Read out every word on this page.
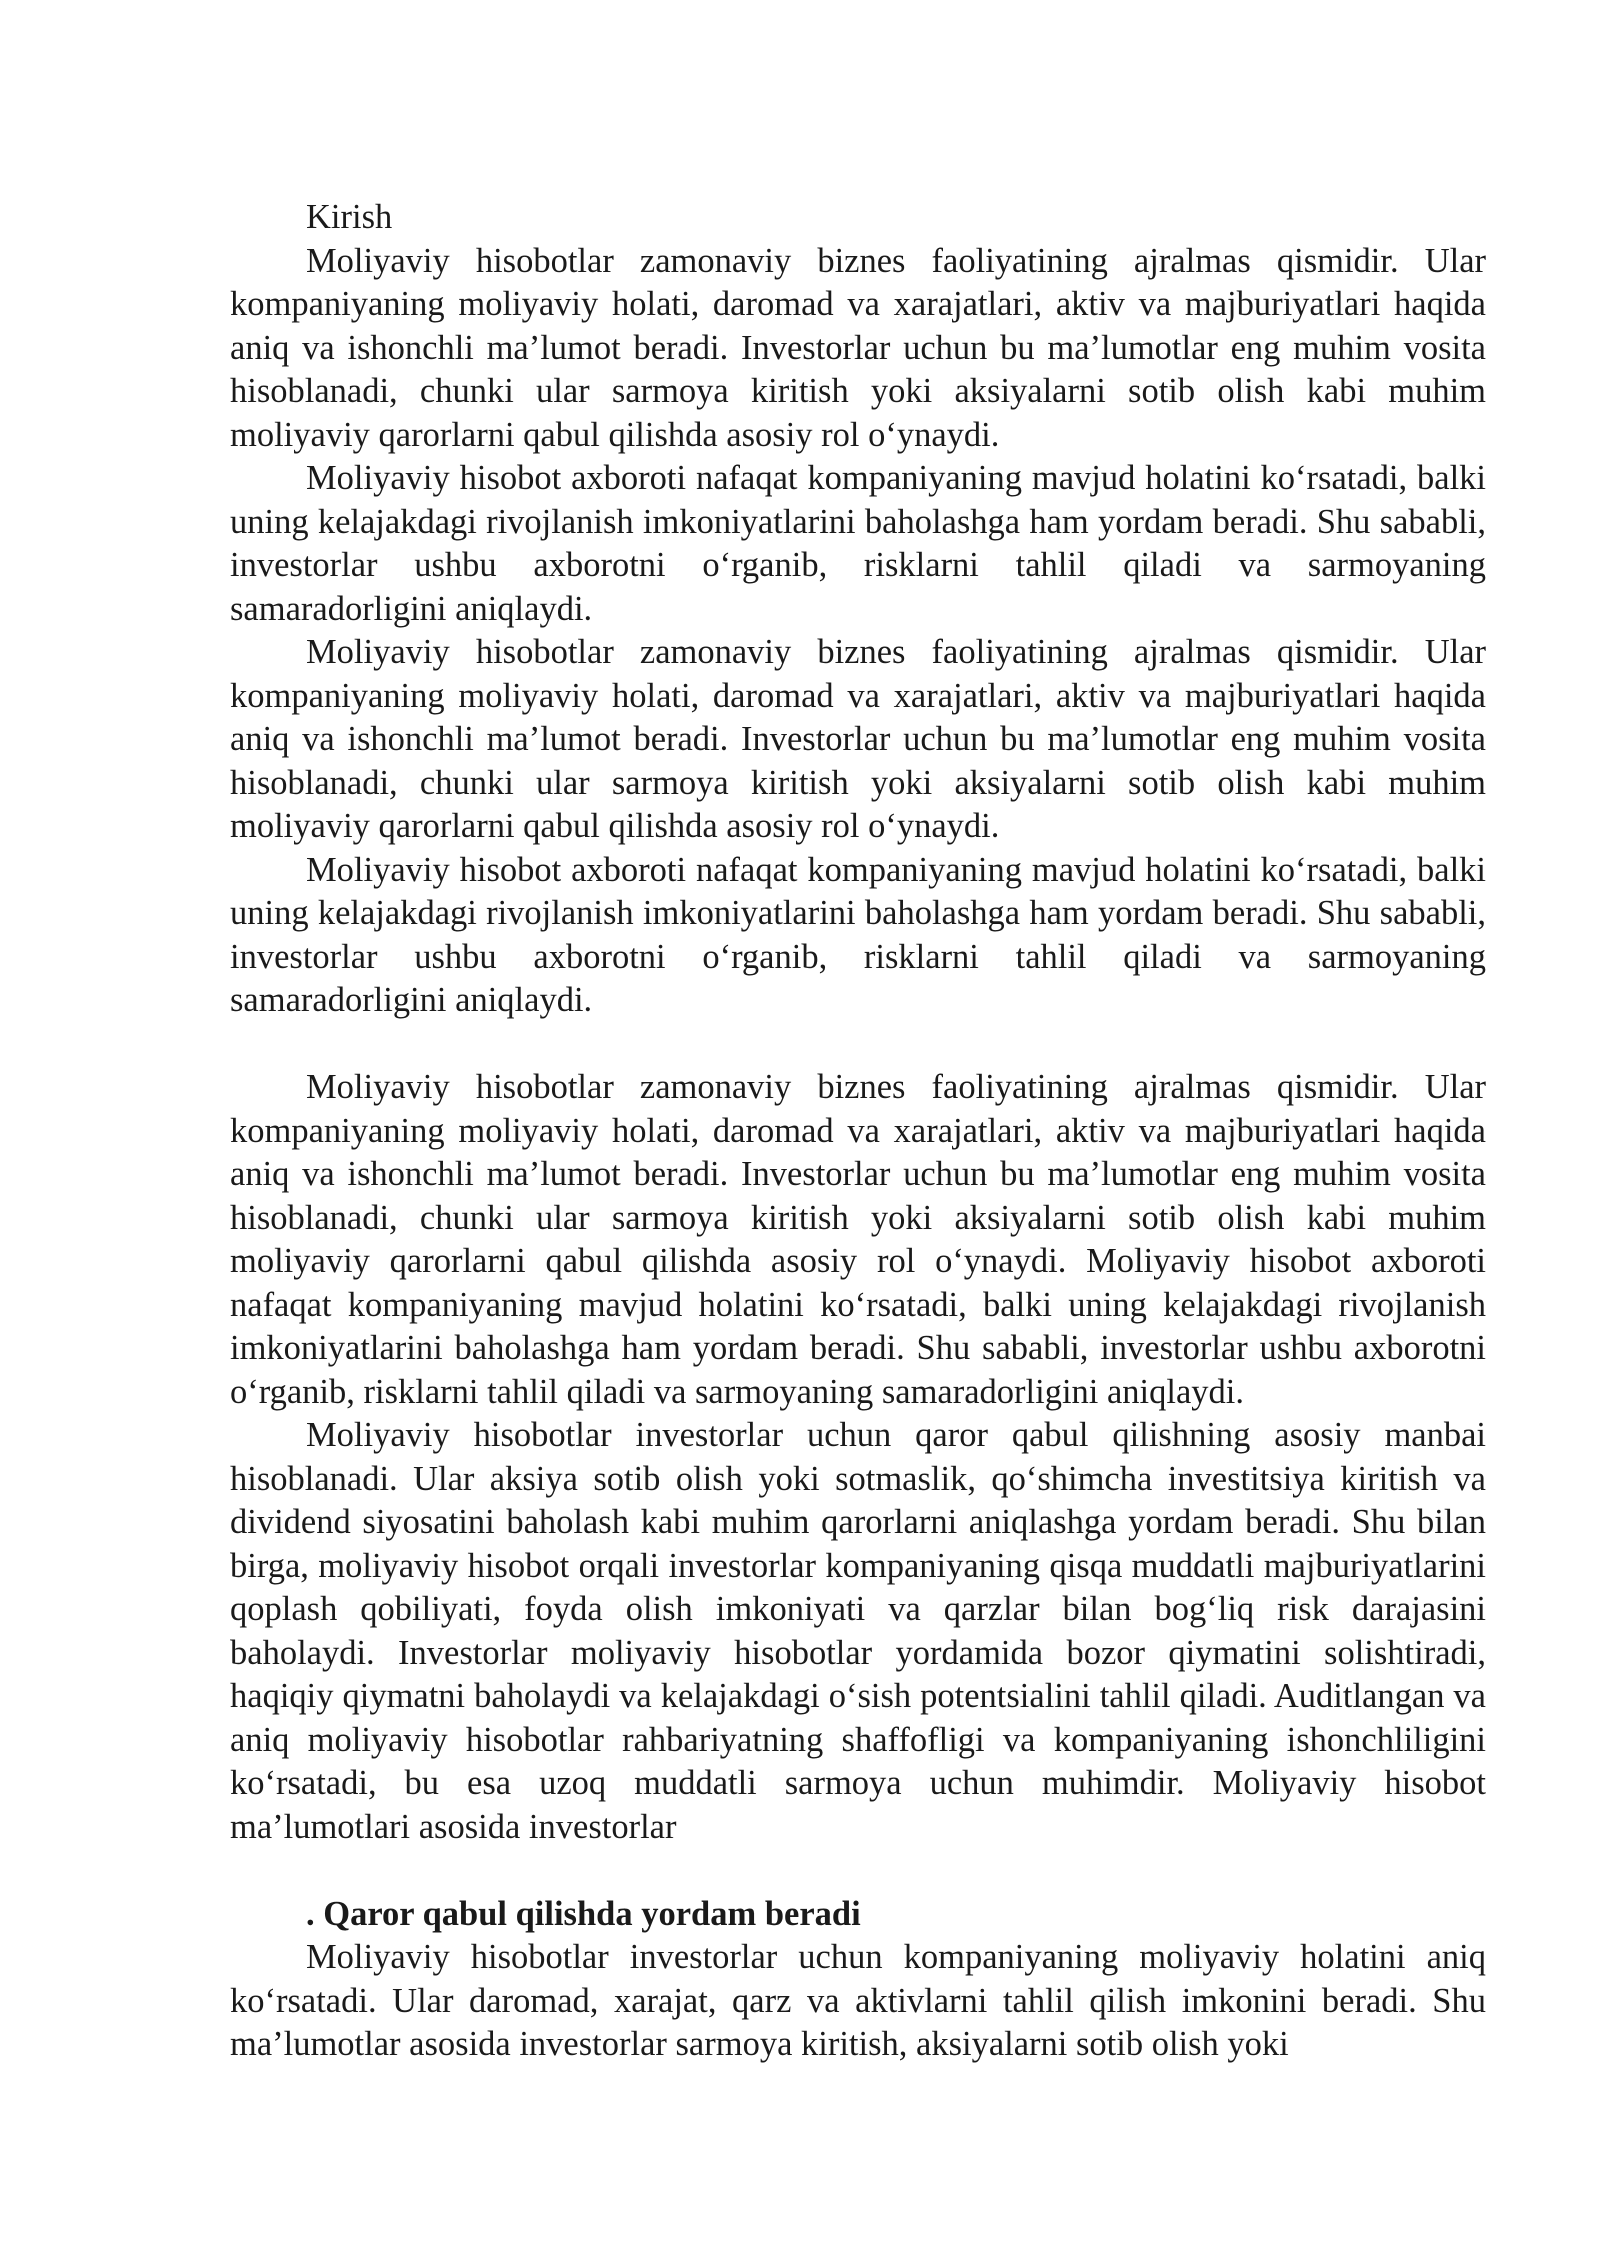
Kirish

Moliyaviy hisobotlar zamonaviy biznes faoliyatining ajralmas qismidir. Ular kompaniyaning moliyaviy holati, daromad va xarajatlari, aktiv va majburiyatlari haqida aniq va ishonchli ma’lumot beradi. Investorlar uchun bu ma’lumotlar eng muhim vosita hisoblanadi, chunki ular sarmoya kiritish yoki aksiyalarni sotib olish kabi muhim moliyaviy qarorlarni qabul qilishda asosiy rol o‘ynaydi.

Moliyaviy hisobot axboroti nafaqat kompaniyaning mavjud holatini ko‘rsatadi, balki uning kelajakdagi rivojlanish imkoniyatlarini baholashga ham yordam beradi. Shu sababli, investorlar ushbu axborotni o‘rganib, risklarni tahlil qiladi va sarmoyaning samaradorligini aniqlaydi.

Moliyaviy hisobotlar zamonaviy biznes faoliyatining ajralmas qismidir. Ular kompaniyaning moliyaviy holati, daromad va xarajatlari, aktiv va majburiyatlari haqida aniq va ishonchli ma’lumot beradi. Investorlar uchun bu ma’lumotlar eng muhim vosita hisoblanadi, chunki ular sarmoya kiritish yoki aksiyalarni sotib olish kabi muhim moliyaviy qarorlarni qabul qilishda asosiy rol o‘ynaydi.

Moliyaviy hisobot axboroti nafaqat kompaniyaning mavjud holatini ko‘rsatadi, balki uning kelajakdagi rivojlanish imkoniyatlarini baholashga ham yordam beradi. Shu sababli, investorlar ushbu axborotni o‘rganib, risklarni tahlil qiladi va sarmoyaning samaradorligini aniqlaydi.

Moliyaviy hisobotlar zamonaviy biznes faoliyatining ajralmas qismidir. Ular kompaniyaning moliyaviy holati, daromad va xarajatlari, aktiv va majburiyatlari haqida aniq va ishonchli ma’lumot beradi. Investorlar uchun bu ma’lumotlar eng muhim vosita hisoblanadi, chunki ular sarmoya kiritish yoki aksiyalarni sotib olish kabi muhim moliyaviy qarorlarni qabul qilishda asosiy rol o‘ynaydi. Moliyaviy hisobot axboroti nafaqat kompaniyaning mavjud holatini ko‘rsatadi, balki uning kelajakdagi rivojlanish imkoniyatlarini baholashga ham yordam beradi. Shu sababli, investorlar ushbu axborotni o‘rganib, risklarni tahlil qiladi va sarmoyaning samaradorligini aniqlaydi.

Moliyaviy hisobotlar investorlar uchun qaror qabul qilishning asosiy manbai hisoblanadi. Ular aksiya sotib olish yoki sotmaslik, qo‘shimcha investitsiya kiritish va dividend siyosatini baholash kabi muhim qarorlarni aniqlashga yordam beradi. Shu bilan birga, moliyaviy hisobot orqali investorlar kompaniyaning qisqa muddatli majburiyatlarini qoplash qobiliyati, foyda olish imkoniyati va qarzlar bilan bog‘liq risk darajasini baholaydi. Investorlar moliyaviy hisobotlar yordamida bozor qiymatini solishtiradi, haqiqiy qiymatni baholaydi va kelajakdagi o‘sish potentsialini tahlil qiladi. Auditlangan va aniq moliyaviy hisobotlar rahbariyatning shaffofligi va kompaniyaning ishonchliligini ko‘rsatadi, bu esa uzoq muddatli sarmoya uchun muhimdir. Moliyaviy hisobot ma’lumotlari asosida investorlar

. Qaror qabul qilishda yordam beradi

Moliyaviy hisobotlar investorlar uchun kompaniyaning moliyaviy holatini aniq ko‘rsatadi. Ular daromad, xarajat, qarz va aktivlarni tahlil qilish imkonini beradi. Shu ma’lumotlar asosida investorlar sarmoya kiritish, aksiyalarni sotib olish yoki
